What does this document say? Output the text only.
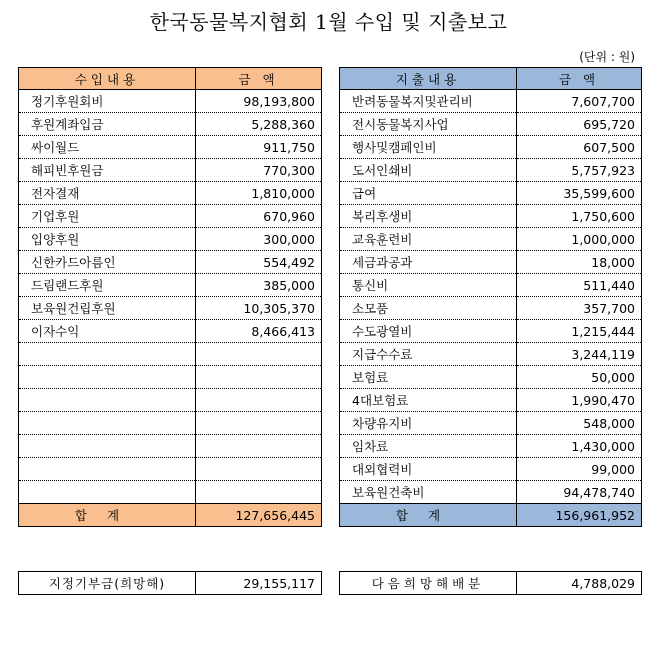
한국동물복지협회 1월 수입 및 지출보고
(단위 : 원)
수입내용	금 액
정기후원회비	98,193,800
후원계좌입금	5,288,360
싸이월드	911,750
해피빈후원금	770,300
전자결재	1,810,000
기업후원	670,960
입양후원	300,000
신한카드아름인	554,492
드림랜드후원	385,000
보육원건립후원	10,305,370
이자수익	8,466,413

합계	127,656,445
지출내용	금 액
반려동물복지및관리비	7,607,700
전시동물복지사업	695,720
행사및캠페인비	607,500
도서인쇄비	5,757,923
급여	35,599,600
복리후생비	1,750,600
교육훈련비	1,000,000
세금과공과	18,000
통신비	511,440
소모품	357,700
수도광열비	1,215,444
지급수수료	3,244,119
보험료	50,000
4대보험료	1,990,470
차량유지비	548,000
임차료	1,430,000
대외협력비	99,000
보육원건축비	94,478,740
합계	156,961,952
지정기부금(희망해)	29,155,117	다음희망해배분	4,788,029
